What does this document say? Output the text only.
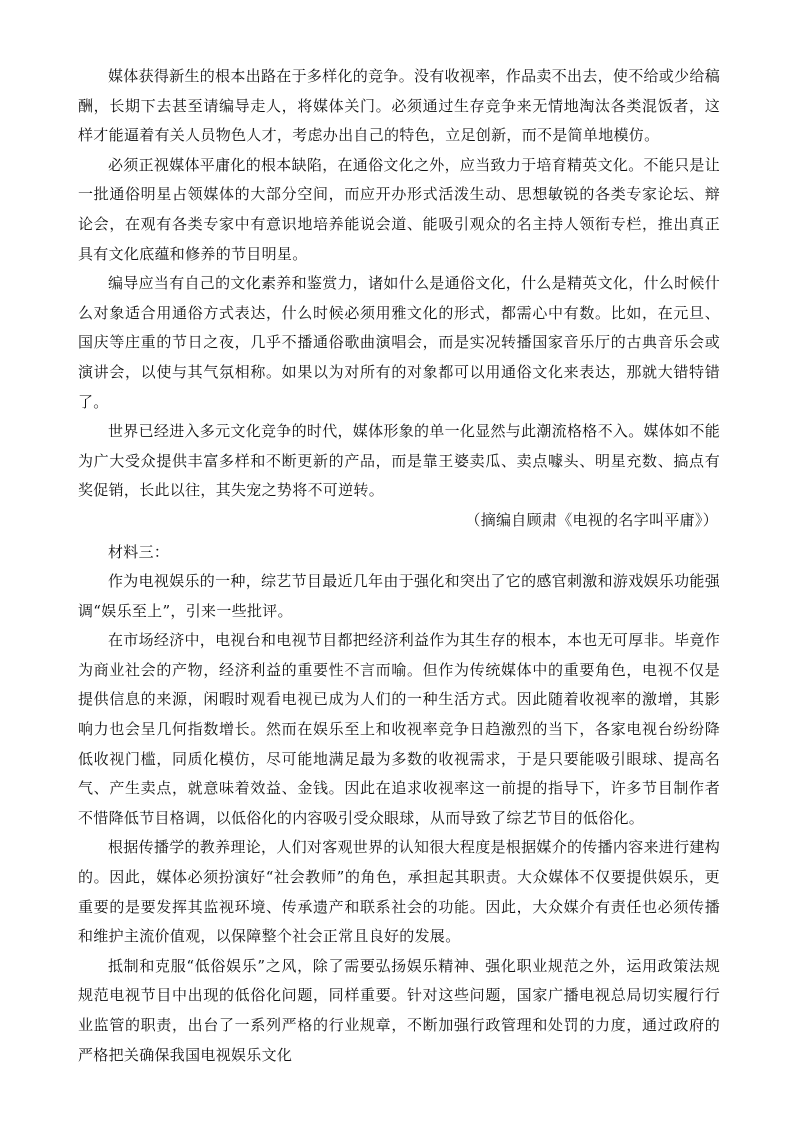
媒体获得新生的根本出路在于多样化的竞争。没有收视率，作品卖不出去，使不给或少给稿酬，长期下去甚至请编导走人，将媒体关门。必须通过生存竞争来无情地淘汰各类混饭者，这样才能逼着有关人员物色人才，考虑办出自己的特色，立足创新，而不是简单地模仿。

必须正视媒体平庸化的根本缺陷，在通俗文化之外，应当致力于培育精英文化。不能只是让一批通俗明星占领媒体的大部分空间，而应开办形式活泼生动、思想敏锐的各类专家论坛、辩论会，在观有各类专家中有意识地培养能说会道、能吸引观众的名主持人领衔专栏，推出真正具有文化底蕴和修养的节目明星。

编导应当有自己的文化素养和鉴赏力，诸如什么是通俗文化，什么是精英文化，什么时候什么对象适合用通俗方式表达，什么时候必须用雅文化的形式，都需心中有数。比如，在元旦、国庆等庄重的节日之夜，几乎不播通俗歌曲演唱会，而是实况转播国家音乐厅的古典音乐会或演讲会，以使与其气氛相称。如果以为对所有的对象都可以用通俗文化来表达，那就大错特错了。

世界已经进入多元文化竞争的时代，媒体形象的单一化显然与此潮流格格不入。媒体如不能为广大受众提供丰富多样和不断更新的产品，而是靠王婆卖瓜、卖点噱头、明星充数、搞点有奖促销，长此以往，其失宠之势将不可逆转。

（摘编自顾肃《电视的名字叫平庸》）

材料三：

作为电视娱乐的一种，综艺节目最近几年由于强化和突出了它的感官刺激和游戏娱乐功能强调“娱乐至上”，引来一些批评。

在市场经济中，电视台和电视节目都把经济利益作为其生存的根本，本也无可厚非。毕竟作为商业社会的产物，经济利益的重要性不言而喻。但作为传统媒体中的重要角色，电视不仅是提供信息的来源，闲暇时观看电视已成为人们的一种生活方式。因此随着收视率的激增，其影响力也会呈几何指数增长。然而在娱乐至上和收视率竞争日趋激烈的当下，各家电视台纷纷降低收视门槛，同质化模仿，尽可能地满足最为多数的收视需求，于是只要能吸引眼球、提高名气、产生卖点，就意味着效益、金钱。因此在追求收视率这一前提的指导下，许多节目制作者不惜降低节目格调，以低俗化的内容吸引受众眼球，从而导致了综艺节目的低俗化。

根据传播学的教养理论，人们对客观世界的认知很大程度是根据媒介的传播内容来进行建构的。因此，媒体必须扮演好“社会教师”的角色，承担起其职责。大众媒体不仅要提供娱乐，更重要的是要发挥其监视环境、传承遗产和联系社会的功能。因此，大众媒介有责任也必须传播和维护主流价值观，以保障整个社会正常且良好的发展。

抵制和克服“低俗娱乐”之风，除了需要弘扬娱乐精神、强化职业规范之外，运用政策法规规范电视节目中出现的低俗化问题，同样重要。针对这些问题，国家广播电视总局切实履行行业监管的职责，出台了一系列严格的行业规章，不断加强行政管理和处罚的力度，通过政府的严格把关确保我国电视娱乐文化
